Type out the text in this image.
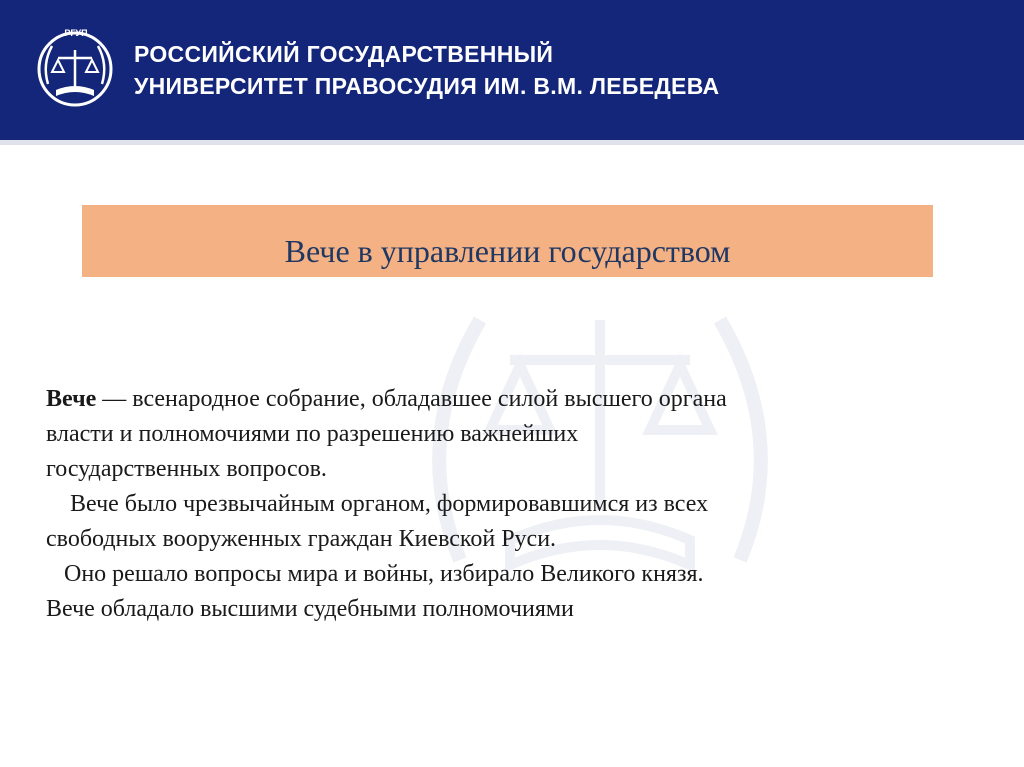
РГУП
РОССИЙСКИЙ ГОСУДАРСТВЕННЫЙ
УНИВЕРСИТЕТ ПРАВОСУДИЯ ИМ. В.М. ЛЕБЕДЕВА
Вече в управлении государством

Вече — всенародное собрание, обладавшее силой высшего органа

власти и полномочиями по разрешению важнейших

государственных вопросов.

Вече было чрезвычайным органом, формировавшимся из всех

свободных вооруженных граждан Киевской Руси.

Оно решало вопросы мира и войны, избирало Великого князя.

Вече обладало высшими судебными полномочиями
